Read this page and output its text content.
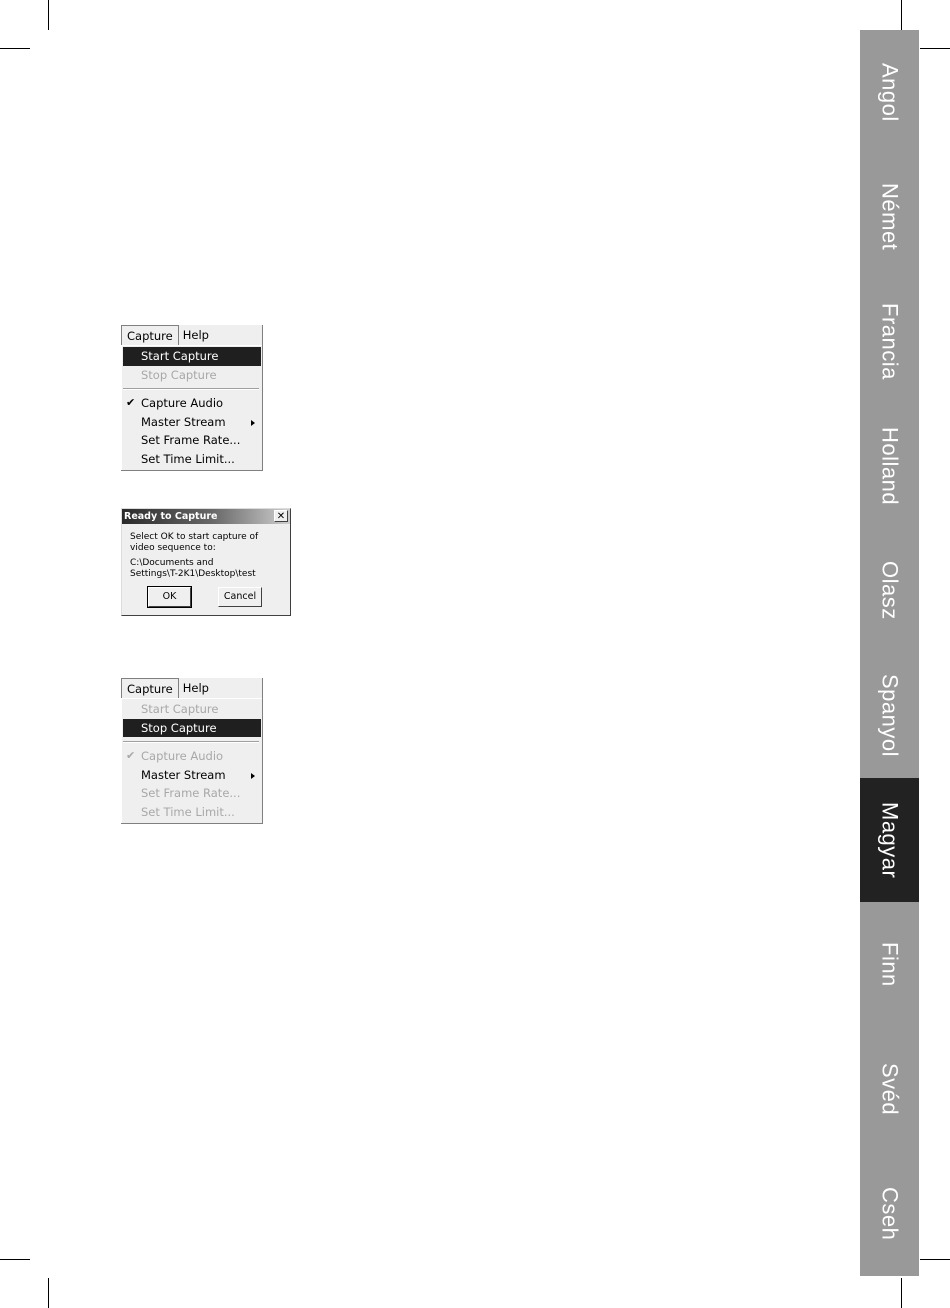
Angol
Német
Francia
Holland
Olasz
Spanyol
Magyar
Finn
Svéd
Cseh
Capture Help
Start Capture
Stop Capture
✔ Capture Audio
Master Stream
Set Frame Rate...
Set Time Limit...
Ready to Capture	✕
Select OK to start capture of
video sequence to:
C:\Documents and
Settings\T-2K1\Desktop\test
OK	Cancel
Capture Help
Start Capture
Stop Capture
✔ Capture Audio
Master Stream
Set Frame Rate...
Set Time Limit...
